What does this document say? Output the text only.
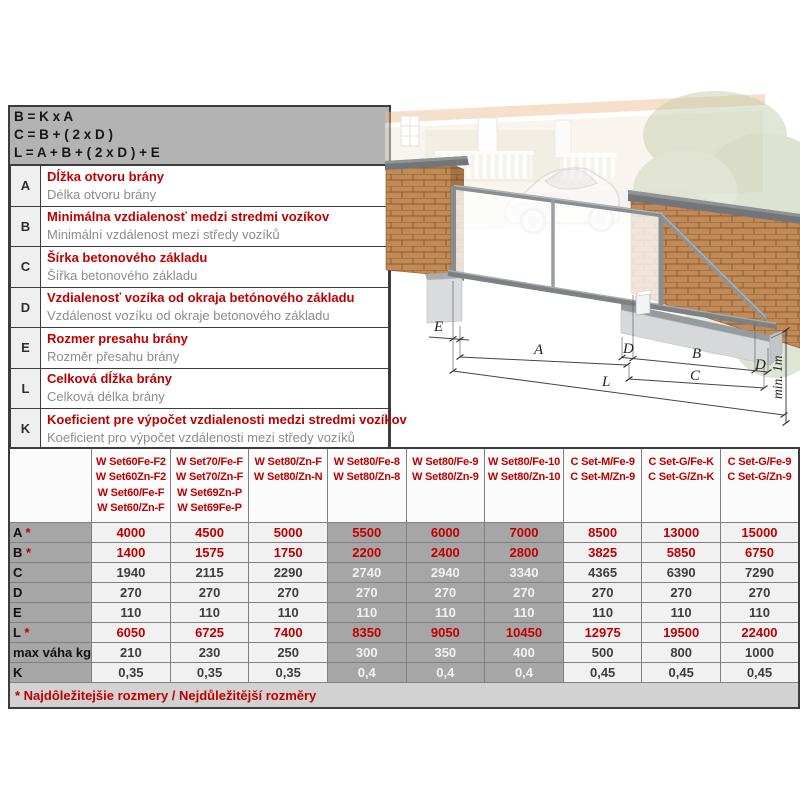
B = K x A
C = B + ( 2 x D )
L = A + B + ( 2 x D ) + E
A	Dĺžka otvoru brány
Délka otvoru brány

B	Minimálna vzdialenosť medzi stredmi vozíkov
Minimální vzdálenost mezi středy vozíků

C	Šírka betonového základu
Šířka betonového základu

D	Vzdialenosť vozíka od okraja betónového základu
Vzdálenost vozíku od okraje betonového základu

E	Rozmer presahu brány
Rozměr přesahu brány

L	Celková dĺžka brány
Celková délka brány

K	Koeficient pre výpočet vzdialenosti medzi stredmi vozíkov
Koeficient pro výpočet vzdálenosti mezi středy vozíků
E
A
L
D	B
D
C	min. 1m

W Set60Fe-F2
W Set60Zn-F2
W Set60/Fe-F
W Set60/Zn-F

W Set70/Fe-F
W Set70/Zn-F
W Set69Zn-P
W Set69Fe-P

W Set80/Zn-F
W Set80/Zn-N

W Set80/Fe-8
W Set80/Zn-8

W Set80/Fe-9
W Set80/Zn-9

W Set80/Fe-10
W Set80/Zn-10

C Set-M/Fe-9
C Set-M/Zn-9

C Set-G/Fe-K
C Set-G/Zn-K

C Set-G/Fe-9
C Set-G/Zn-9

A *	4000	4500	5000	5500	6000	7000	8500	13000	15000
B *	1400	1575	1750	2200	2400	2800	3825	5850	6750
C	1940	2115	2290	2740	2940	3340	4365	6390	7290
D	270	270	270	270	270	270	270	270	270
E	110	110	110	110	110	110	110	110	110
L *	6050	6725	7400	8350	9050	10450	12975	19500	22400
max váha kg	210	230	250	300	350	400	500	800	1000
K	0,35	0,35	0,35	0,4	0,4	0,4	0,45	0,45	0,45
* Najdôležitejšie rozmery / Nejdůležitější rozměry									
